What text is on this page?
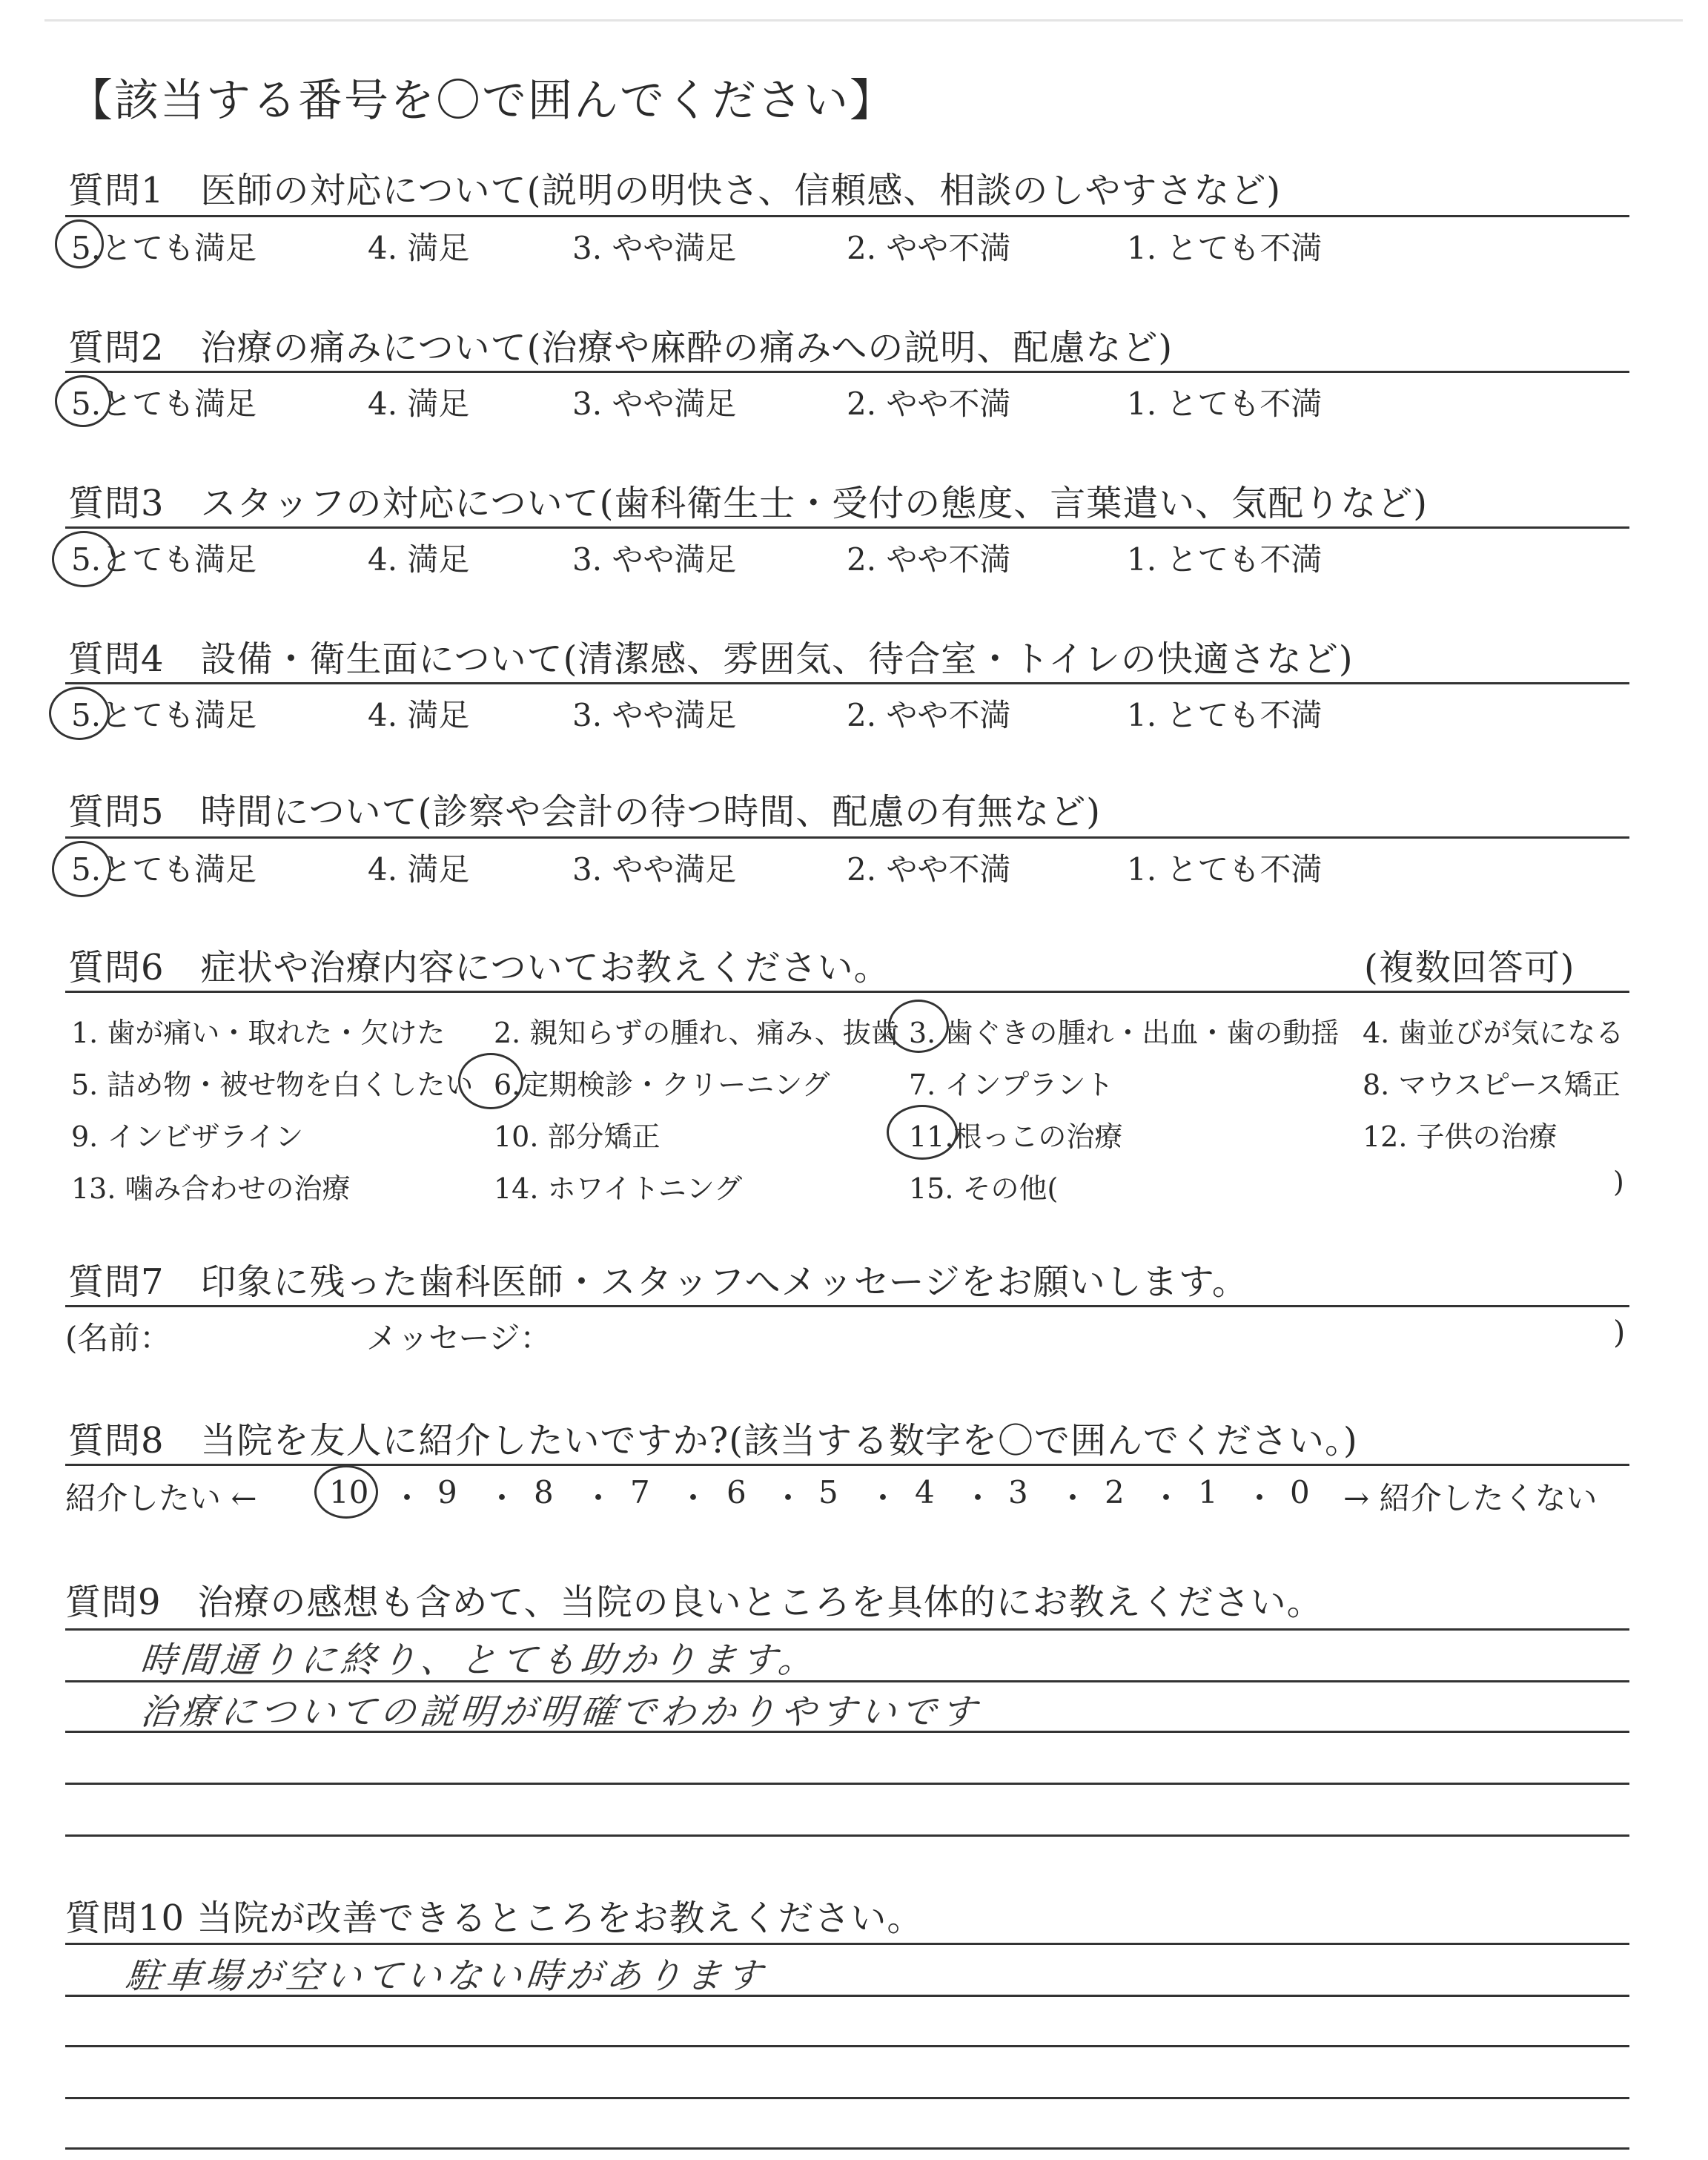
【該当する番号を〇で囲んでください】
質問1　医師の対応について(説明の明快さ、信頼感、相談のしやすさなど)
5.とても満足	4. 満足	3. やや満足	2. やや不満	1. とても不満
質問2　治療の痛みについて(治療や麻酔の痛みへの説明、配慮など)
5.とても満足	4. 満足	3. やや満足	2. やや不満	1. とても不満
質問3　スタッフの対応について(歯科衛生士・受付の態度、言葉遣い、気配りなど)
5.とても満足	4. 満足	3. やや満足	2. やや不満	1. とても不満
質問4　設備・衛生面について(清潔感、雰囲気、待合室・トイレの快適さなど)
5.とても満足	4. 満足	3. やや満足	2. やや不満	1. とても不満
質問5　時間について(診察や会計の待つ時間、配慮の有無など)
5.とても満足	4. 満足	3. やや満足	2. やや不満	1. とても不満
質問6　症状や治療内容についてお教えください。	(複数回答可)
1. 歯が痛い・取れた・欠けた 2. 親知らずの腫れ、痛み、抜歯 3. 歯ぐきの腫れ・出血・歯の動揺 4. 歯並びが気になる
5. 詰め物・被せ物を白くしたい 6.定期検診・クリーニング	7. インプラント	8. マウスピース矯正
9. インビザライン	10. 部分矯正	11.根っこの治療	12. 子供の治療
13. 噛み合わせの治療	14. ホワイトニング	15. その他(	)
質問7　印象に残った歯科医師・スタッフへメッセージをお願いします。
(名前：	メッセージ：	)
質問8　当院を友人に紹介したいですか?(該当する数字を〇で囲んでください。)
紹介したい ← 10 9 8 7 6 5 4 3 2 1 0
・ ・ ・ ・ ・ ・ ・ ・ ・ ・ → 紹介したくない
質問9　治療の感想も含めて、当院の良いところを具体的にお教えください。
時間通りに終り、とても助かります。
治療についての説明が明確でわかりやすいです
質問10 当院が改善できるところをお教えください。
駐車場が空いていない時があります
